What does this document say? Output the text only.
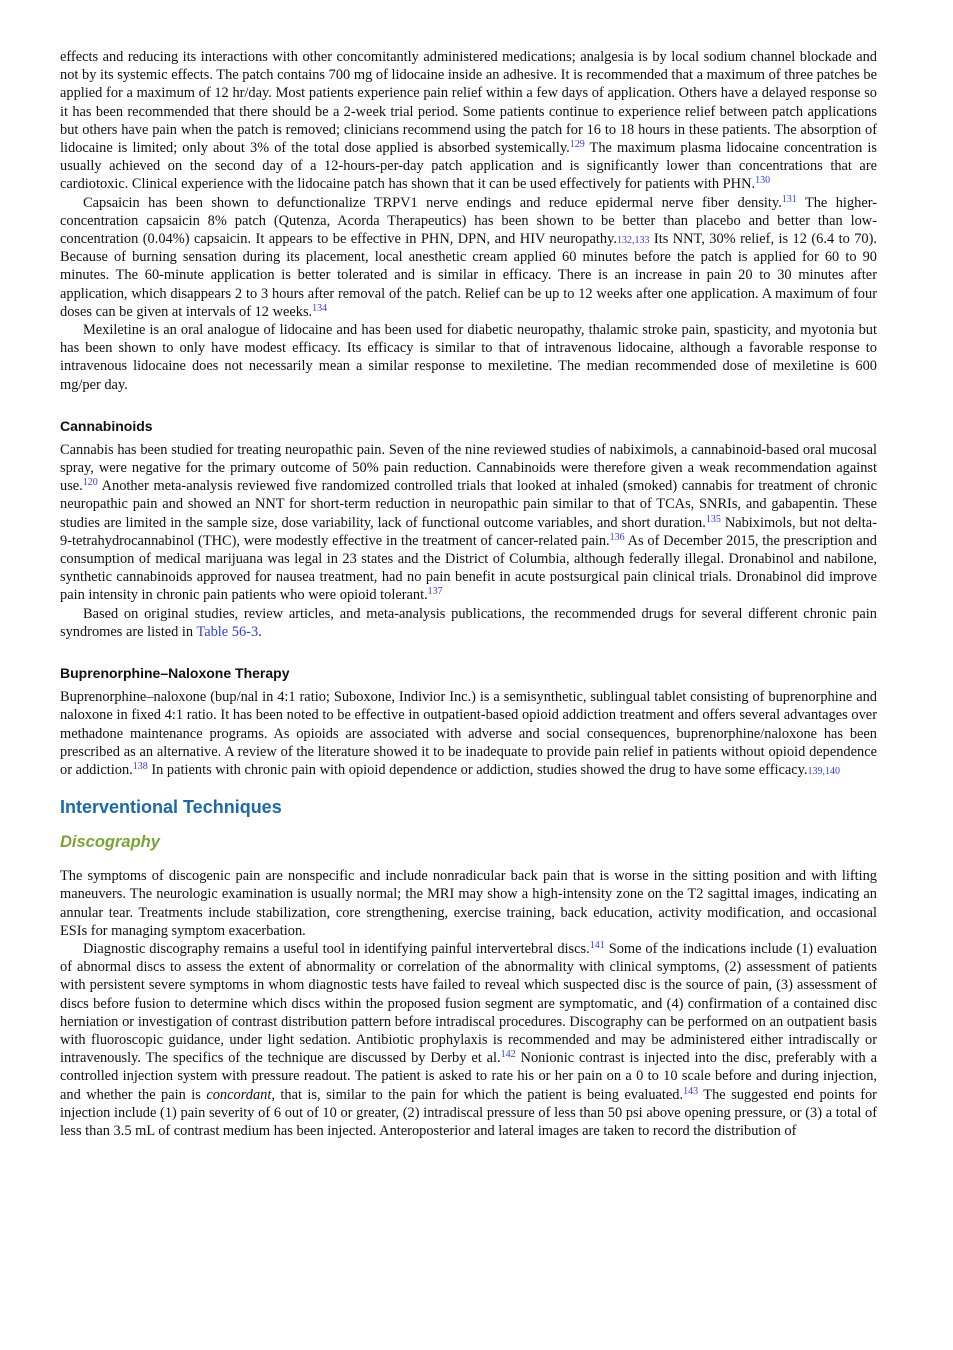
effects and reducing its interactions with other concomitantly administered medications; analgesia is by local sodium channel blockade and not by its systemic effects. The patch contains 700 mg of lidocaine inside an adhesive. It is recommended that a maximum of three patches be applied for a maximum of 12 hr/day. Most patients experience pain relief within a few days of application. Others have a delayed response so it has been recommended that there should be a 2-week trial period. Some patients continue to experience relief between patch applications but others have pain when the patch is removed; clinicians recommend using the patch for 16 to 18 hours in these patients. The absorption of lidocaine is limited; only about 3% of the total dose applied is absorbed systemically.$^{129}$ The maximum plasma lidocaine concentration is usually achieved on the second day of a 12-hours-per-day patch application and is significantly lower than concentrations that are cardiotoxic. Clinical experience with the lidocaine patch has shown that it can be used effectively for patients with PHN.$^{130}$

Capsaicin has been shown to defunctionalize TRPV1 nerve endings and reduce epidermal nerve fiber density.$^{131}$ The higher-concentration capsaicin 8% patch (Qutenza, Acorda Therapeutics) has been shown to be better than placebo and better than low-concentration (0.04%) capsaicin. It appears to be effective in PHN, DPN, and HIV neuropathy.132,133 Its NNT, 30% relief, is 12 (6.4 to 70). Because of burning sensation during its placement, local anesthetic cream applied 60 minutes before the patch is applied for 60 to 90 minutes. The 60-minute application is better tolerated and is similar in efficacy. There is an increase in pain 20 to 30 minutes after application, which disappears 2 to 3 hours after removal of the patch. Relief can be up to 12 weeks after one application. A maximum of four doses can be given at intervals of 12 weeks.$^{134}$

Mexiletine is an oral analogue of lidocaine and has been used for diabetic neuropathy, thalamic stroke pain, spasticity, and myotonia but has been shown to only have modest efficacy. Its efficacy is similar to that of intravenous lidocaine, although a favorable response to intravenous lidocaine does not necessarily mean a similar response to mexiletine. The median recommended dose of mexiletine is 600 mg/per day.

Cannabinoids

Cannabis has been studied for treating neuropathic pain. Seven of the nine reviewed studies of nabiximols, a cannabinoid-based oral mucosal spray, were negative for the primary outcome of 50% pain reduction. Cannabinoids were therefore given a weak recommendation against use.$^{120}$ Another meta-analysis reviewed five randomized controlled trials that looked at inhaled (smoked) cannabis for treatment of chronic neuropathic pain and showed an NNT for short-term reduction in neuropathic pain similar to that of TCAs, SNRIs, and gabapentin. These studies are limited in the sample size, dose variability, lack of functional outcome variables, and short duration.$^{135}$ Nabiximols, but not delta-9-tetrahydrocannabinol (THC), were modestly effective in the treatment of cancer-related pain.$^{136}$ As of December 2015, the prescription and consumption of medical marijuana was legal in 23 states and the District of Columbia, although federally illegal. Dronabinol and nabilone, synthetic cannabinoids approved for nausea treatment, had no pain benefit in acute postsurgical pain clinical trials. Dronabinol did improve pain intensity in chronic pain patients who were opioid tolerant.$^{137}$

Based on original studies, review articles, and meta-analysis publications, the recommended drugs for several different chronic pain syndromes are listed in Table 56-3.

Buprenorphine–Naloxone Therapy

Buprenorphine–naloxone (bup/nal in 4:1 ratio; Suboxone, Indivior Inc.) is a semisynthetic, sublingual tablet consisting of buprenorphine and naloxone in fixed 4:1 ratio. It has been noted to be effective in outpatient-based opioid addiction treatment and offers several advantages over methadone maintenance programs. As opioids are associated with adverse and social consequences, buprenorphine/naloxone has been prescribed as an alternative. A review of the literature showed it to be inadequate to provide pain relief in patients without opioid dependence or addiction.$^{138}$ In patients with chronic pain with opioid dependence or addiction, studies showed the drug to have some efficacy.139,140

Interventional Techniques
Discography

The symptoms of discogenic pain are nonspecific and include nonradicular back pain that is worse in the sitting position and with lifting maneuvers. The neurologic examination is usually normal; the MRI may show a high-intensity zone on the T2 sagittal images, indicating an annular tear. Treatments include stabilization, core strengthening, exercise training, back education, activity modification, and occasional ESIs for managing symptom exacerbation.

Diagnostic discography remains a useful tool in identifying painful intervertebral discs.$^{141}$ Some of the indications include (1) evaluation of abnormal discs to assess the extent of abnormality or correlation of the abnormality with clinical symptoms, (2) assessment of patients with persistent severe symptoms in whom diagnostic tests have failed to reveal which suspected disc is the source of pain, (3) assessment of discs before fusion to determine which discs within the proposed fusion segment are symptomatic, and (4) confirmation of a contained disc herniation or investigation of contrast distribution pattern before intradiscal procedures. Discography can be performed on an outpatient basis with fluoroscopic guidance, under light sedation. Antibiotic prophylaxis is recommended and may be administered either intradiscally or intravenously. The specifics of the technique are discussed by Derby et al.$^{142}$ Nonionic contrast is injected into the disc, preferably with a controlled injection system with pressure readout. The patient is asked to rate his or her pain on a 0 to 10 scale before and during injection, and whether the pain is concordant, that is, similar to the pain for which the patient is being evaluated.$^{143}$ The suggested end points for injection include (1) pain severity of 6 out of 10 or greater, (2) intradiscal pressure of less than 50 psi above opening pressure, or (3) a total of less than 3.5 mL of contrast medium has been injected. Anteroposterior and lateral images are taken to record the distribution of
